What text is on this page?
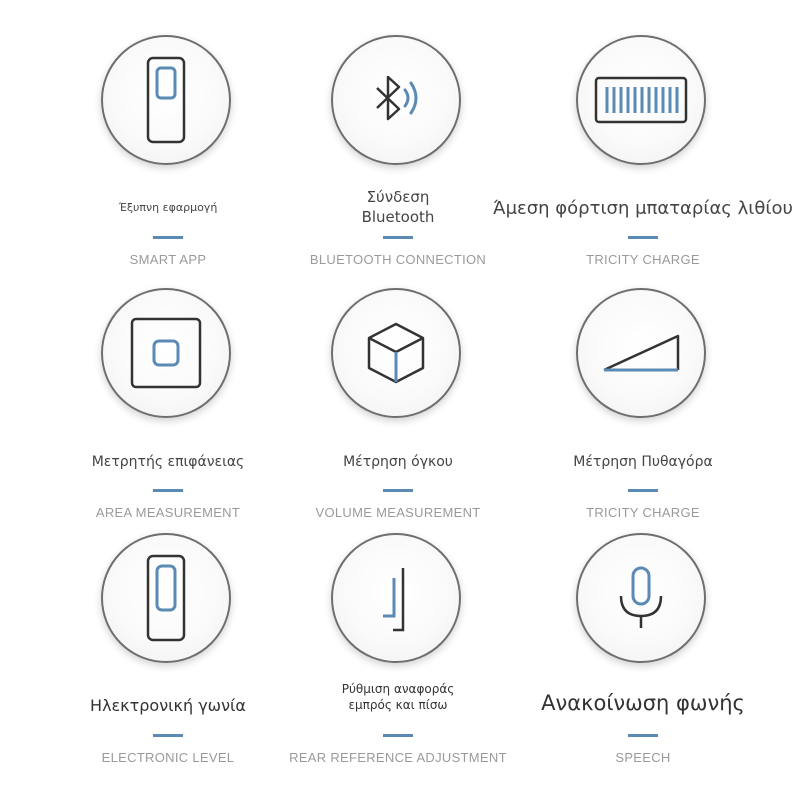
Έξυπνη εφαρμογή
SMART APP
Σύνδεση Bluetooth
BLUETOOTH CONNECTION
Άμεση φόρτιση μπαταρίας λιθίου
TRICITY CHARGE
Μετρητής επιφάνειας
AREA MEASUREMENT
Μέτρηση όγκου
VOLUME MEASUREMENT
Μέτρηση Πυθαγόρα
TRICITY CHARGE
Ηλεκτρονική γωνία
ELECTRONIC LEVEL
Ρύθμιση αναφοράς εμπρός και πίσω
REAR REFERENCE ADJUSTMENT
Ανακοίνωση φωνής
SPEECH
